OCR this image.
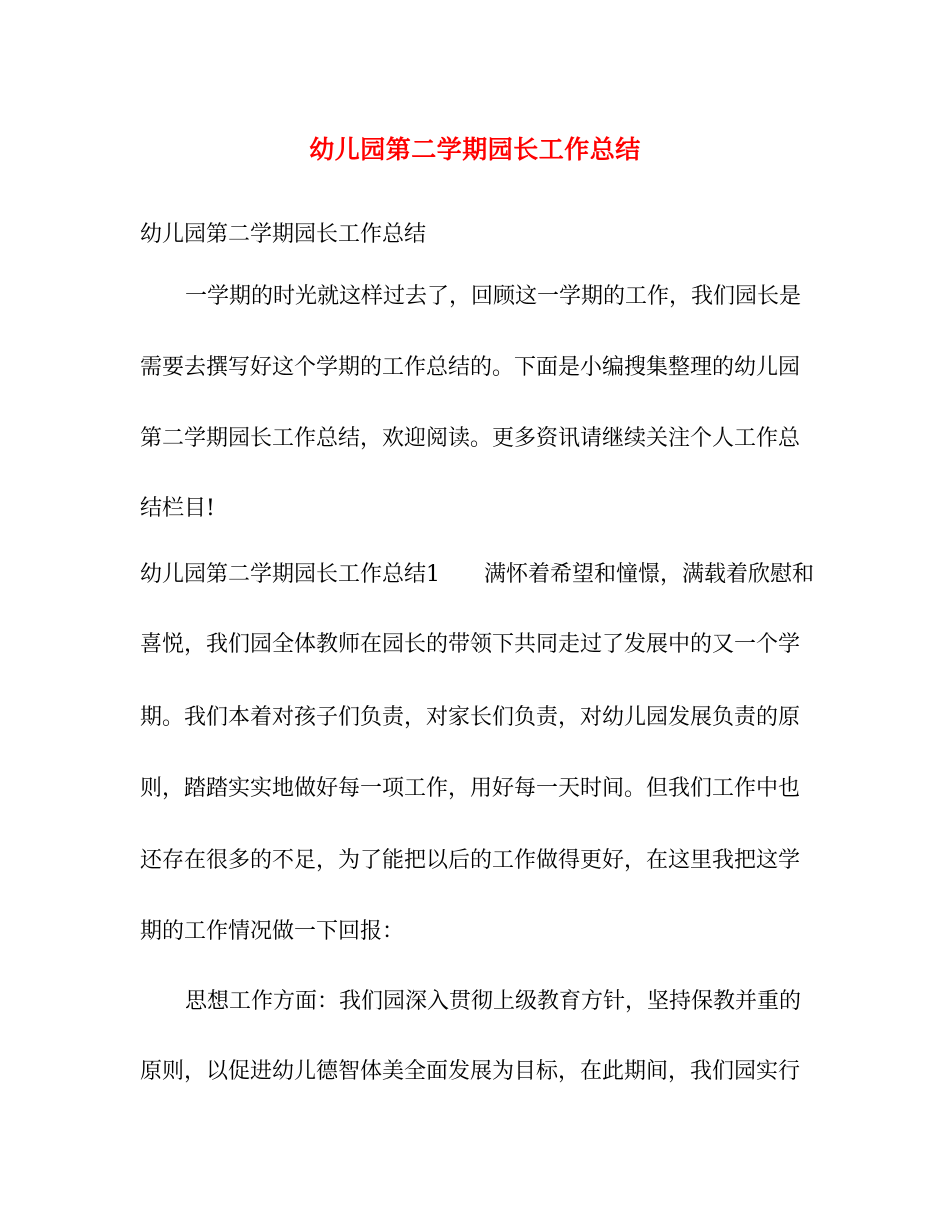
幼儿园第二学期园长工作总结
幼儿园第二学期园长工作总结
一学期的时光就这样过去了，回顾这一学期的工作，我们园长是
需要去撰写好这个学期的工作总结的。下面是小编搜集整理的幼儿园
第二学期园长工作总结，欢迎阅读。更多资讯请继续关注个人工作总
结栏目!
幼儿园第二学期园长工作总结1 满怀着希望和憧憬，满载着欣慰和
喜悦，我们园全体教师在园长的带领下共同走过了发展中的又一个学
期。我们本着对孩子们负责，对家长们负责，对幼儿园发展负责的原
则，踏踏实实地做好每一项工作，用好每一天时间。但我们工作中也
还存在很多的不足，为了能把以后的工作做得更好，在这里我把这学
期的工作情况做一下回报：
思想工作方面：我们园深入贯彻上级教育方针，坚持保教并重的
原则，以促进幼儿德智体美全面发展为目标，在此期间，我们园实行
